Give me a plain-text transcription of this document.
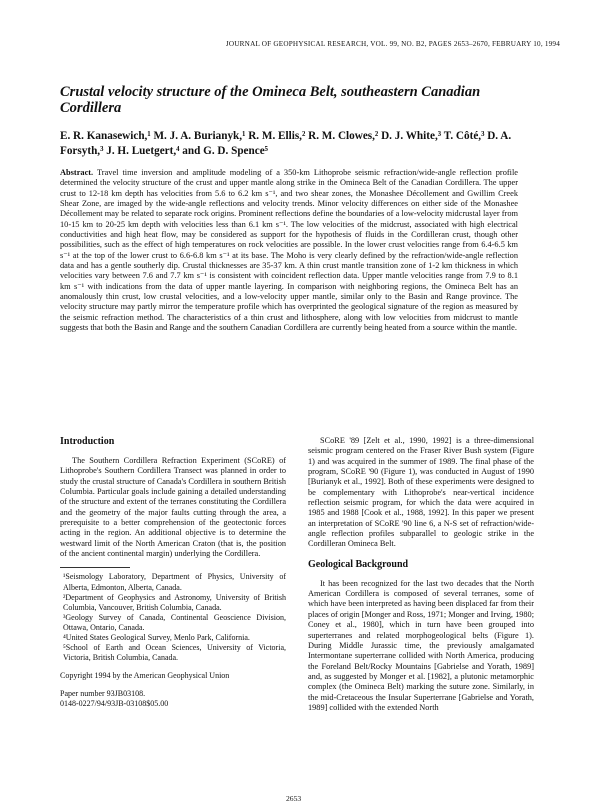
JOURNAL OF GEOPHYSICAL RESEARCH, VOL. 99, NO. B2, PAGES 2653–2670, FEBRUARY 10, 1994
Crustal velocity structure of the Omineca Belt, southeastern Canadian Cordillera
E. R. Kanasewich,¹ M. J. A. Burianyk,¹ R. M. Ellis,² R. M. Clowes,² D. J. White,³ T. Côté,³ D. A. Forsyth,³ J. H. Luetgert,⁴ and G. D. Spence⁵
Abstract. Travel time inversion and amplitude modeling of a 350-km Lithoprobe seismic refraction/wide-angle reflection profile determined the velocity structure of the crust and upper mantle along strike in the Omineca Belt of the Canadian Cordillera. The upper crust to 12-18 km depth has velocities from 5.6 to 6.2 km s⁻¹, and two shear zones, the Monashee Décollement and Gwillim Creek Shear Zone, are imaged by the wide-angle reflections and velocity trends. Minor velocity differences on either side of the Monashee Décollement may be related to separate rock origins. Prominent reflections define the boundaries of a low-velocity midcrustal layer from 10-15 km to 20-25 km depth with velocities less than 6.1 km s⁻¹. The low velocities of the midcrust, associated with high electrical conductivities and high heat flow, may be considered as support for the hypothesis of fluids in the Cordilleran crust, though other possibilities, such as the effect of high temperatures on rock velocities are possible. In the lower crust velocities range from 6.4-6.5 km s⁻¹ at the top of the lower crust to 6.6-6.8 km s⁻¹ at its base. The Moho is very clearly defined by the refraction/wide-angle reflection data and has a gentle southerly dip. Crustal thicknesses are 35-37 km. A thin crust mantle transition zone of 1-2 km thickness in which velocities vary between 7.6 and 7.7 km s⁻¹ is consistent with coincident reflection data. Upper mantle velocities range from 7.9 to 8.1 km s⁻¹ with indications from the data of upper mantle layering. In comparison with neighboring regions, the Omineca Belt has an anomalously thin crust, low crustal velocities, and a low-velocity upper mantle, similar only to the Basin and Range province. The velocity structure may partly mirror the temperature profile which has overprinted the geological signature of the region as measured by the seismic refraction method. The characteristics of a thin crust and lithosphere, along with low velocities from midcrust to mantle suggests that both the Basin and Range and the southern Canadian Cordillera are currently being heated from a source within the mantle.
Introduction

The Southern Cordillera Refraction Experiment (SCoRE) of Lithoprobe's Southern Cordillera Transect was planned in order to study the crustal structure of Canada's Cordillera in southern British Columbia. Particular goals include gaining a detailed understanding of the structure and extent of the terranes constituting the Cordillera and the geometry of the major faults cutting through the area, a prerequisite to a better comprehension of the geotectonic forces acting in the region. An additional objective is to determine the westward limit of the North American Craton (that is, the position of the ancient continental margin) underlying the Cordillera.

¹Seismology Laboratory, Department of Physics, University of Alberta, Edmonton, Alberta, Canada.

²Department of Geophysics and Astronomy, University of British Columbia, Vancouver, British Columbia, Canada.

³Geology Survey of Canada, Continental Geoscience Division, Ottawa, Ontario, Canada.

⁴United States Geological Survey, Menlo Park, California.

⁵School of Earth and Ocean Sciences, University of Victoria, Victoria, British Columbia, Canada.

Copyright 1994 by the American Geophysical Union
Paper number 93JB03108.
0148-0227/94/93JB-03108$05.00

SCoRE '89 [Zelt et al., 1990, 1992] is a three-dimensional seismic program centered on the Fraser River Bush system (Figure 1) and was acquired in the summer of 1989. The final phase of the program, SCoRE '90 (Figure 1), was conducted in August of 1990 [Burianyk et al., 1992]. Both of these experiments were designed to be complementary with Lithoprobe's near-vertical incidence reflection seismic program, for which the data were acquired in 1985 and 1988 [Cook et al., 1988, 1992]. In this paper we present an interpretation of SCoRE '90 line 6, a N-S set of refraction/wide-angle reflection profiles subparallel to geologic strike in the Cordilleran Omineca Belt.

Geological Background

It has been recognized for the last two decades that the North American Cordillera is composed of several terranes, some of which have been interpreted as having been displaced far from their places of origin [Monger and Ross, 1971; Monger and Irving, 1980; Coney et al., 1980], which in turn have been grouped into superterranes and related morphogeological belts (Figure 1). During Middle Jurassic time, the previously amalgamated Intermontane superterrane collided with North America, producing the Foreland Belt/Rocky Mountains [Gabrielse and Yorath, 1989] and, as suggested by Monger et al. [1982], a plutonic metamorphic complex (the Omineca Belt) marking the suture zone. Similarly, in the mid-Cretaceous the Insular Superterrane [Gabrielse and Yorath, 1989] collided with the extended North

2653
